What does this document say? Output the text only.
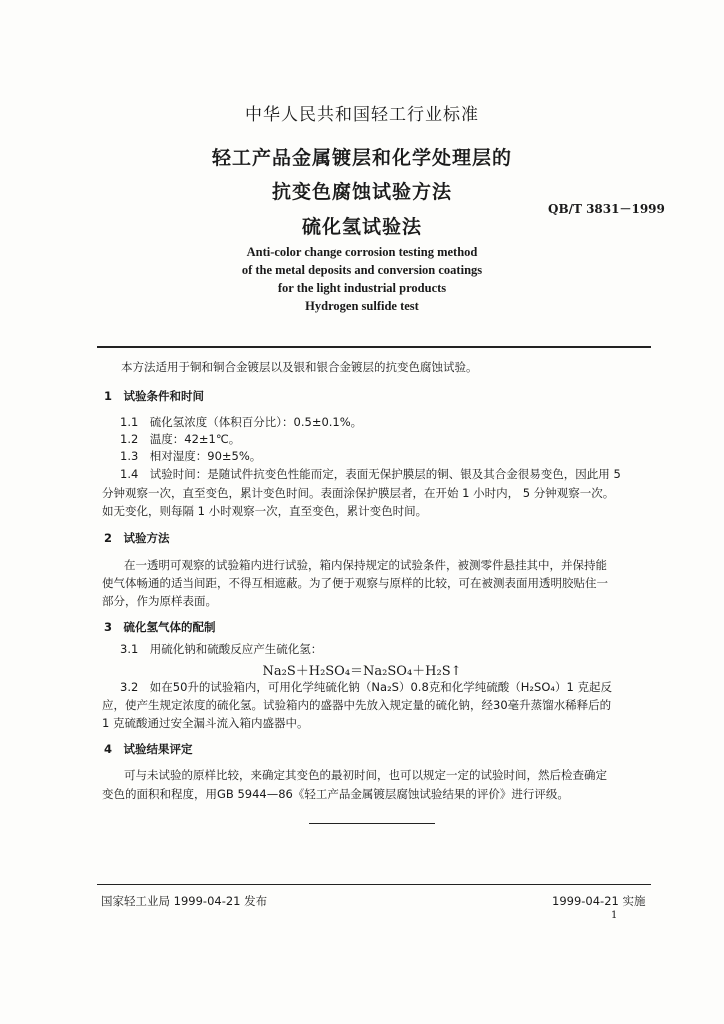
中华人民共和国轻工行业标准
轻工产品金属镀层和化学处理层的
抗变色腐蚀试验方法
硫化氢试验法
QB/T 3831－1999
Anti-color change corrosion testing method
of the metal deposits and conversion coatings
for the light industrial products
Hydrogen sulfide test
本方法适用于铜和铜合金镀层以及银和银合金镀层的抗变色腐蚀试验。
1　试验条件和时间
1.1　硫化氢浓度（体积百分比）：0.5±0.1%。
1.2　温度：42±1℃。
1.3　相对湿度：90±5%。
1.4　试验时间：是随试件抗变色性能而定，表面无保护膜层的铜、银及其合金很易变色，因此用 5
分钟观察一次，直至变色，累计变色时间。表面涂保护膜层者，在开始 1 小时内， 5 分钟观察一次。
如无变化，则每隔 1 小时观察一次，直至变色，累计变色时间。
2　试验方法
在一透明可观察的试验箱内进行试验，箱内保持规定的试验条件，被测零件悬挂其中，并保持能
使气体畅通的适当间距，不得互相遮蔽。为了便于观察与原样的比较，可在被测表面用透明胶贴住一
部分，作为原样表面。
3　硫化氢气体的配制
3.1　用硫化钠和硫酸反应产生硫化氢：
Na₂S＋H₂SO₄＝Na₂SO₄＋H₂S↑
3.2　如在50升的试验箱内，可用化学纯硫化钠（Na₂S）0.8克和化学纯硫酸（H₂SO₄）1 克起反
应，使产生规定浓度的硫化氢。试验箱内的盛器中先放入规定量的硫化钠，经30毫升蒸馏水稀释后的
1 克硫酸通过安全漏斗流入箱内盛器中。
4　试验结果评定
可与未试验的原样比较，来确定其变色的最初时间，也可以规定一定的试验时间，然后检查确定
变色的面积和程度，用GB 5944—86《轻工产品金属镀层腐蚀试验结果的评价》进行评级。
国家轻工业局 1999-04-21 发布	1999-04-21 实施
1
